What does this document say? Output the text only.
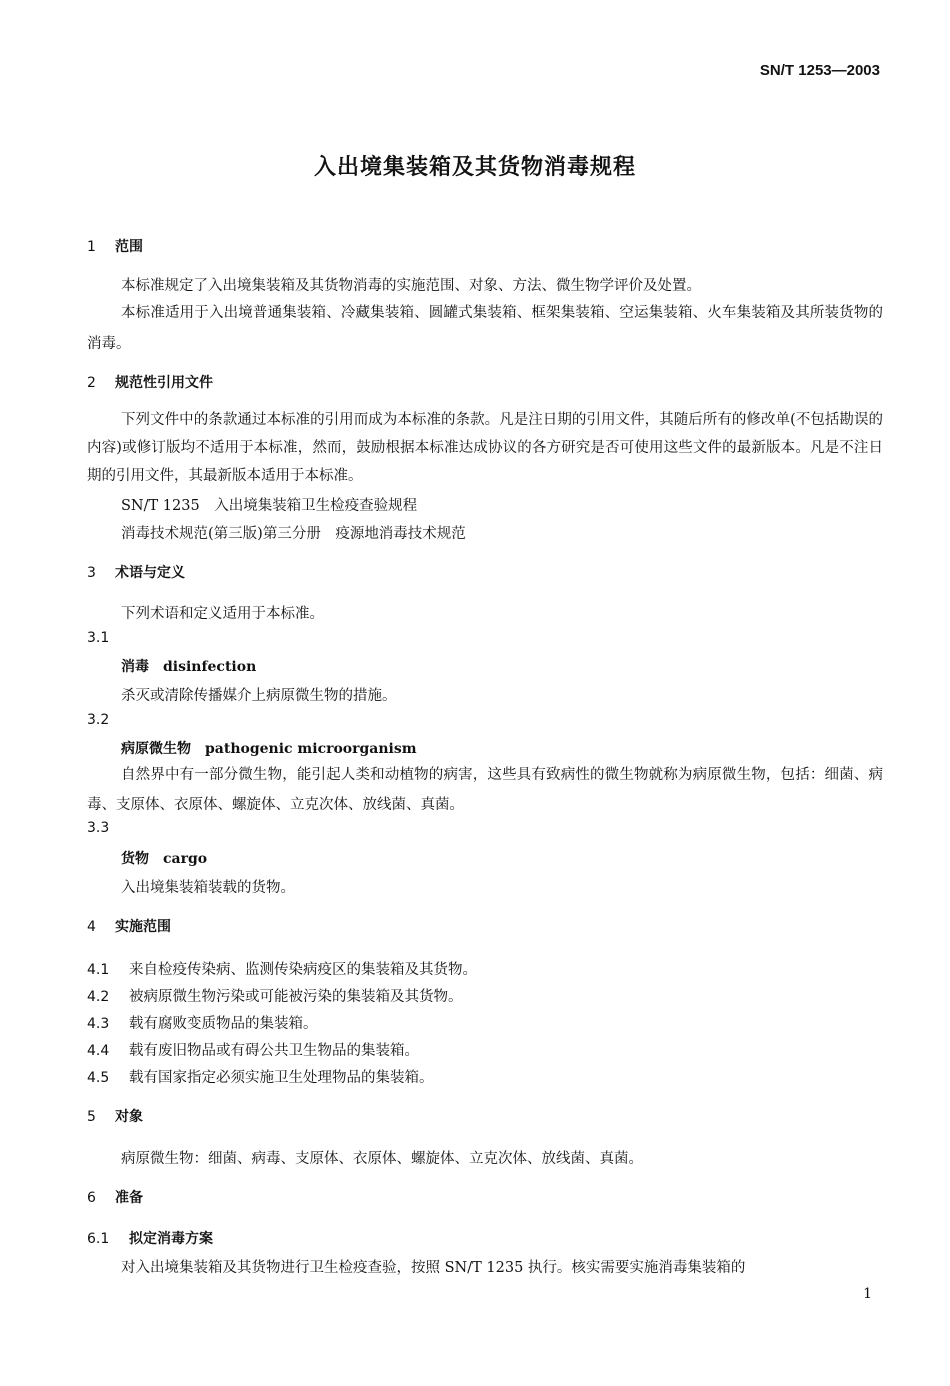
SN/T 1253—2003
入出境集装箱及其货物消毒规程
1 范围
本标准规定了入出境集装箱及其货物消毒的实施范围、对象、方法、微生物学评价及处置。
本标准适用于入出境普通集装箱、冷藏集装箱、圆罐式集装箱、框架集装箱、空运集装箱、火车集装箱及其所装货物的消毒。
2 规范性引用文件
下列文件中的条款通过本标准的引用而成为本标准的条款。凡是注日期的引用文件，其随后所有的修改单(不包括勘误的内容)或修订版均不适用于本标准，然而，鼓励根据本标准达成协议的各方研究是否可使用这些文件的最新版本。凡是不注日期的引用文件，其最新版本适用于本标准。
SN/T 1235　入出境集装箱卫生检疫查验规程
消毒技术规范(第三版)第三分册　疫源地消毒技术规范
3 术语与定义
下列术语和定义适用于本标准。
3.1
消毒 disinfection
杀灭或清除传播媒介上病原微生物的措施。
3.2
病原微生物 pathogenic microorganism
自然界中有一部分微生物，能引起人类和动植物的病害，这些具有致病性的微生物就称为病原微生物，包括：细菌、病毒、支原体、衣原体、螺旋体、立克次体、放线菌、真菌。
3.3
货物 cargo
入出境集装箱装载的货物。
4 实施范围
4.1 来自检疫传染病、监测传染病疫区的集装箱及其货物。
4.2 被病原微生物污染或可能被污染的集装箱及其货物。
4.3 载有腐败变质物品的集装箱。
4.4 载有废旧物品或有碍公共卫生物品的集装箱。
4.5 载有国家指定必须实施卫生处理物品的集装箱。
5 对象
病原微生物：细菌、病毒、支原体、衣原体、螺旋体、立克次体、放线菌、真菌。
6 准备
6.1 拟定消毒方案
对入出境集装箱及其货物进行卫生检疫查验，按照 SN/T 1235 执行。核实需要实施消毒集装箱的
1
